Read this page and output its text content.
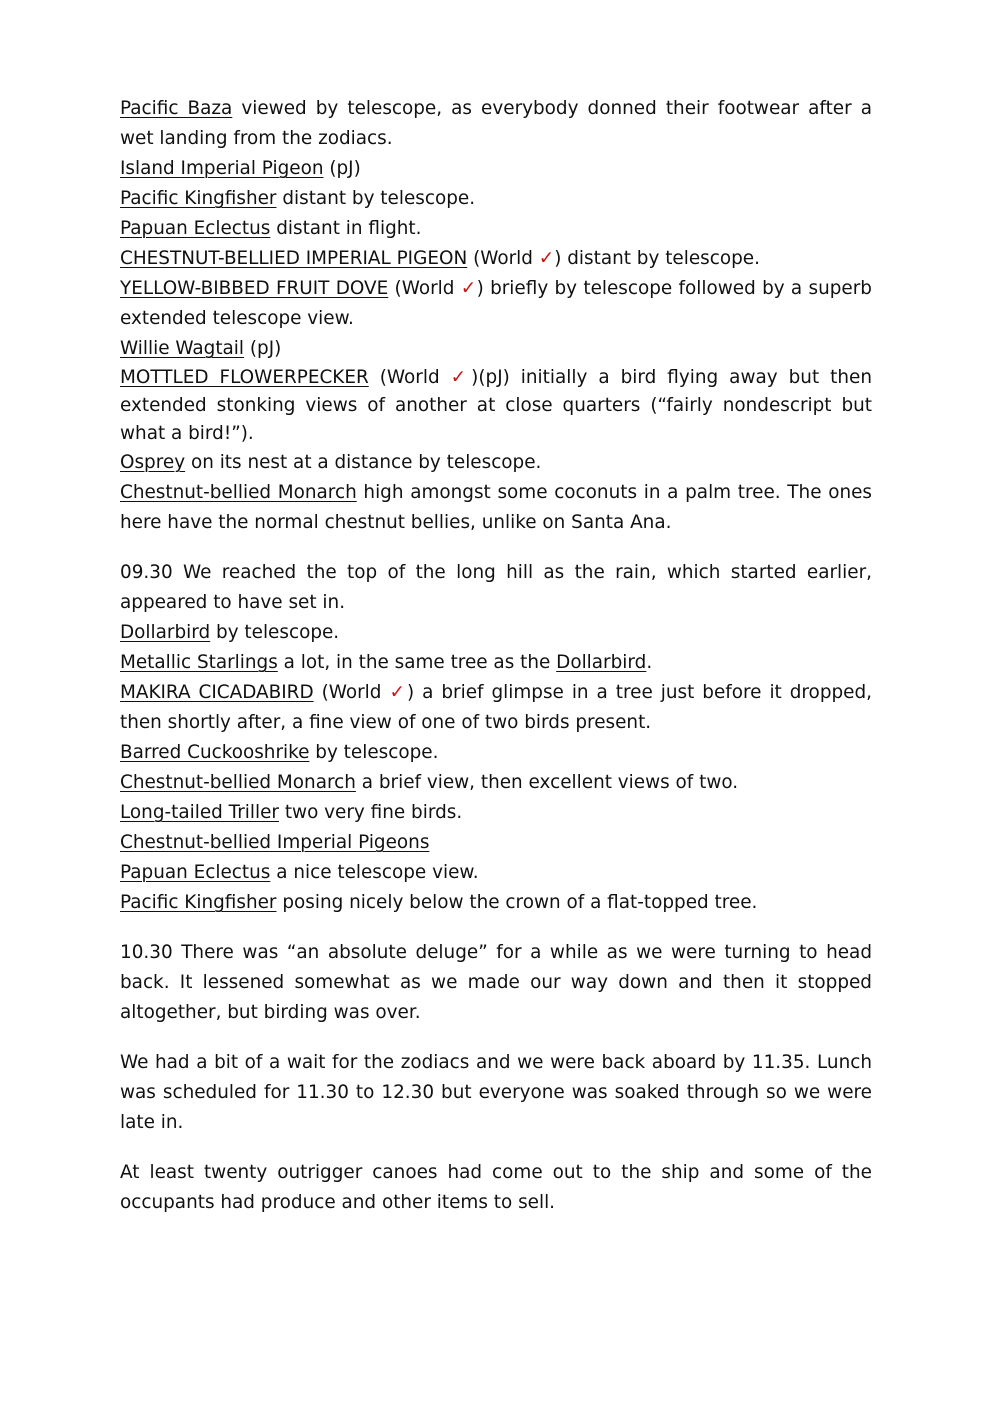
Pacific Baza viewed by telescope, as everybody donned their footwear after a wet landing from the zodiacs.

Island Imperial Pigeon (pJ)

Pacific Kingfisher distant by telescope.

Papuan Eclectus distant in flight.

CHESTNUT-BELLIED IMPERIAL PIGEON (World ✓) distant by telescope.

YELLOW-BIBBED FRUIT DOVE (World ✓) briefly by telescope followed by a superb extended telescope view.

Willie Wagtail (pJ)

MOTTLED FLOWERPECKER (World ✓)(pJ) initially a bird flying away but then extended stonking views of another at close quarters (“fairly nondescript but what a bird!”).

Osprey on its nest at a distance by telescope.

Chestnut-bellied Monarch high amongst some coconuts in a palm tree. The ones here have the normal chestnut bellies, unlike on Santa Ana.

09.30 We reached the top of the long hill as the rain, which started earlier, appeared to have set in.

Dollarbird by telescope.

Metallic Starlings a lot, in the same tree as the Dollarbird.

MAKIRA CICADABIRD (World ✓) a brief glimpse in a tree just before it dropped, then shortly after, a fine view of one of two birds present.

Barred Cuckooshrike by telescope.

Chestnut-bellied Monarch a brief view, then excellent views of two.

Long-tailed Triller two very fine birds.

Chestnut-bellied Imperial Pigeons

Papuan Eclectus a nice telescope view.

Pacific Kingfisher posing nicely below the crown of a flat-topped tree.

10.30 There was “an absolute deluge” for a while as we were turning to head back. It lessened somewhat as we made our way down and then it stopped altogether, but birding was over.

We had a bit of a wait for the zodiacs and we were back aboard by 11.35. Lunch was scheduled for 11.30 to 12.30 but everyone was soaked through so we were late in.

At least twenty outrigger canoes had come out to the ship and some of the occupants had produce and other items to sell.
